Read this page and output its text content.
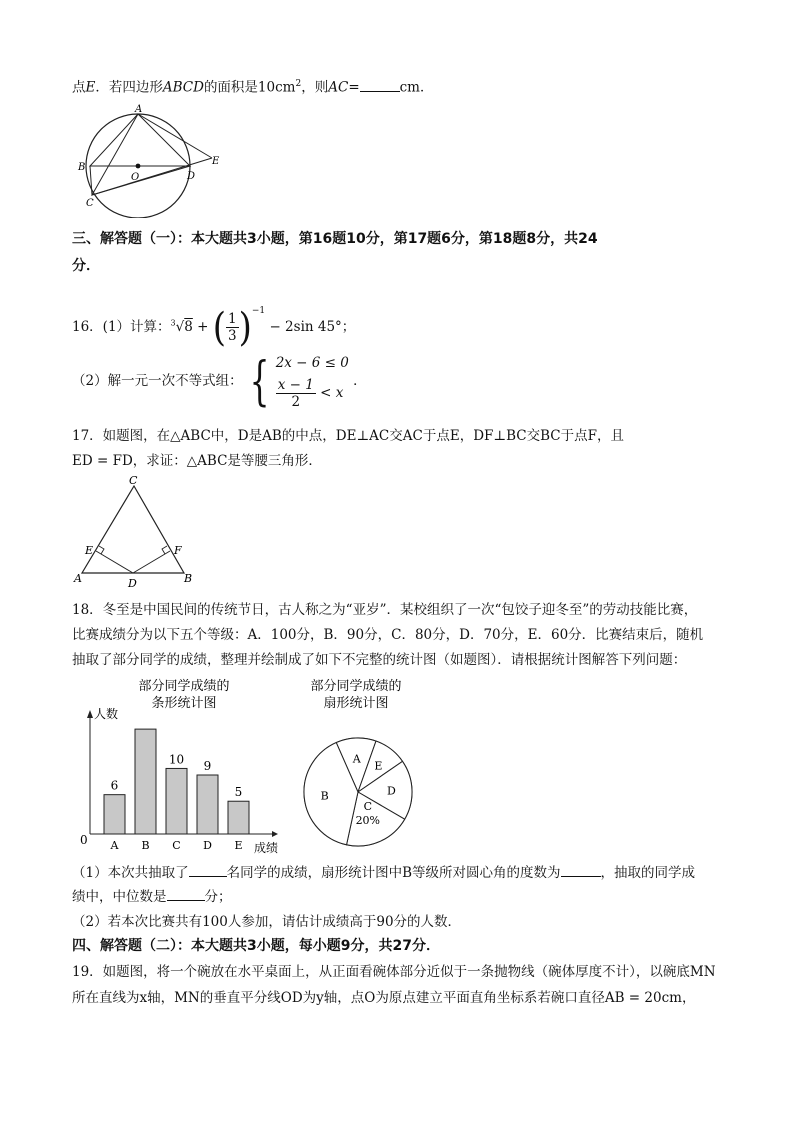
点E．若四边形ABCD的面积是$10cm^2$，则AC=	cm．
A
B
C
D
E
O
三、解答题（一）：本大题共3小题，第16题10分，第17题6分，第18题8分，共24
分．
16．(1）计算：$^3$√8 + ( $\frac{1}{3} )^{-1} - 2\sin$ 45°；
（2）解一元一次不等式组： { 2x − 6 ≤ 0
$\frac{x - 1}{2} < x$
．
17．如题图，在△ABC中，D是AB的中点，DE⊥AC交AC于点E，DF⊥BC交BC于点F，且
ED = FD，求证：△ABC是等腰三角形．
C
A	B
D
E	F
18．冬至是中国民间的传统节日，古人称之为“亚岁”．某校组织了一次“包饺子迎冬至”的劳动技能比赛，
比赛成绩分为以下五个等级：A．100分，B．90分，C．80分，D．70分，E．60分．比赛结束后，随机
抽取了部分同学的成绩，整理并绘制成了如下不完整的统计图（如题图）．请根据统计图解答下列问题：
部分同学成绩的
条形统计图
人数
成绩
0 A
6
B C
10
D
9
E
5
部分同学成绩的
扇形统计图
A
E
D
C
20%
B
（1）本次共抽取了	名同学的成绩，扇形统计图中B等级所对圆心角的度数为	，抽取的同学成
绩中，中位数是	分；
（2）若本次比赛共有100人参加，请估计成绩高于90分的人数．
四、解答题（二）：本大题共3小题，每小题9分，共27分．
19．如题图，将一个碗放在水平桌面上，从正面看碗体部分近似于一条抛物线（碗体厚度不计），以碗底MN
所在直线为x轴，MN的垂直平分线OD为y轴，点O为原点建立平面直角坐标系若碗口直径AB = 20cm，
